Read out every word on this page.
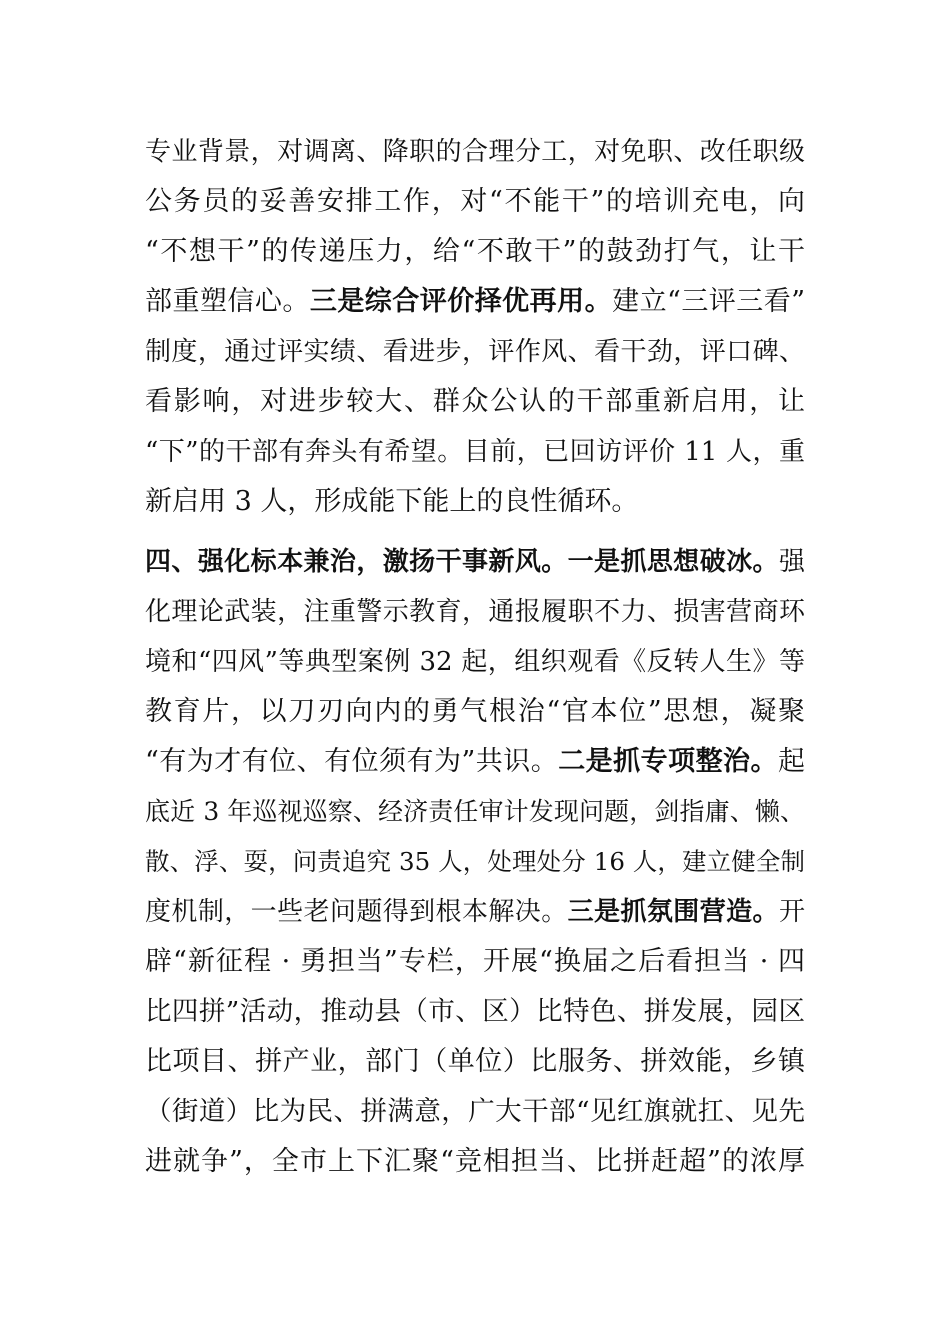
专业背景，对调离、降职的合理分工，对免职、改任职级
公务员的妥善安排工作，对“不能干”的培训充电，向
“不想干”的传递压力，给“不敢干”的鼓劲打气，让干
部重塑信心。三是综合评价择优再用。建立“三评三看”
制度，通过评实绩、看进步，评作风、看干劲，评口碑、
看影响，对进步较大、群众公认的干部重新启用，让
“下”的干部有奔头有希望。目前，已回访评价 11 人，重
新启用 3 人，形成能下能上的良性循环。
四、强化标本兼治，激扬干事新风。一是抓思想破冰。强
化理论武装，注重警示教育，通报履职不力、损害营商环
境和“四风”等典型案例 32 起，组织观看《反转人生》等
教育片，以刀刃向内的勇气根治“官本位”思想，凝聚
“有为才有位、有位须有为”共识。二是抓专项整治。起
底近 3 年巡视巡察、经济责任审计发现问题，剑指庸、懒、
散、浮、耍，问责追究 35 人，处理处分 16 人，建立健全制
度机制，一些老问题得到根本解决。三是抓氛围营造。开
辟“新征程 · 勇担当”专栏，开展“换届之后看担当 · 四
比四拼”活动，推动县（市、区）比特色、拼发展，园区
比项目、拼产业，部门（单位）比服务、拼效能，乡镇
（街道）比为民、拼满意，广大干部“见红旗就扛、见先
进就争”，全市上下汇聚“竞相担当、比拼赶超”的浓厚
